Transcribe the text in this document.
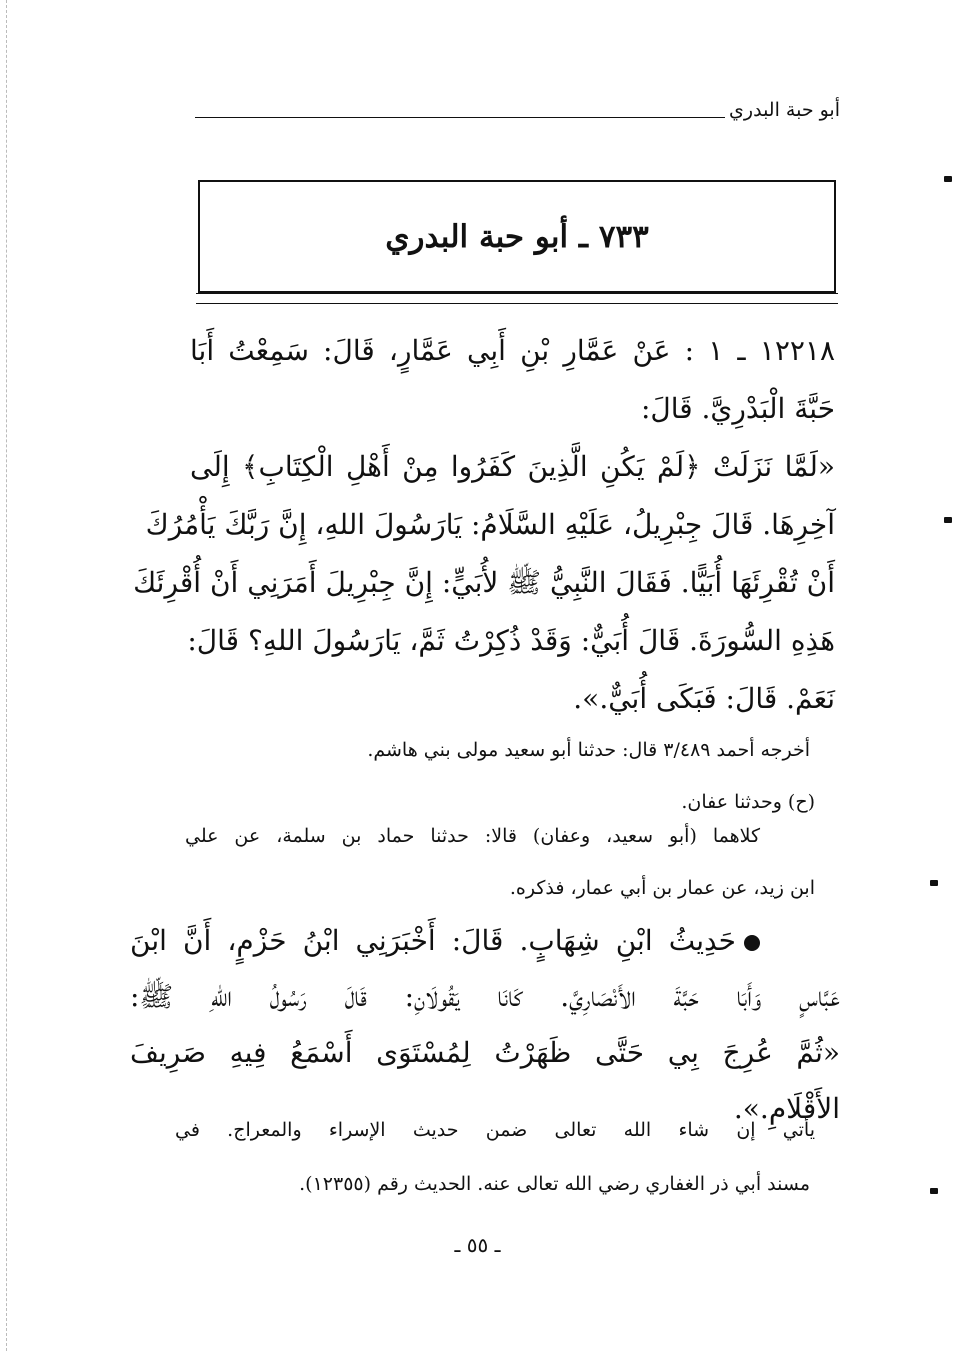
أبو حبة البدري
٧٣٣ ـ أبو حبة البدري
١٢٢١٨ ـ ١ : عَنْ عَمَّارِ بْنِ أَبِي عَمَّارٍ، قَالَ: سَمِعْتُ أَبَا
حَبَّةَ الْبَدْرِيَّ. قَالَ:
«لَمَّا نَزَلَتْ ﴿لَمْ يَكُنِ الَّذِينَ كَفَرُوا مِنْ أَهْلِ الْكِتَابِ﴾ إِلَى
آخِرِهَا. قَالَ جِبْرِيلُ، عَلَيْهِ السَّلَامُ: يَارَسُولَ اللهِ، إِنَّ رَبَّكَ يَأْمُرُكَ
أَنْ تُقْرِئَهَا أُبَيًّا. فَقَالَ النَّبِيُّ ﷺ لأُبَيٍّ: إِنَّ جِبْرِيلَ أَمَرَنِي أَنْ أُقْرِئَكَ
هَذِهِ السُّورَةَ. قَالَ أُبَيٌّ: وَقَدْ ذُكِرْتُ ثَمَّ، يَارَسُولَ اللهِ؟ قَالَ:
نَعَمْ. قَالَ: فَبَكَى أُبَيٌّ.».
أخرجه أحمد ٣/٤٨٩ قال: حدثنا أبو سعيد مولى بني هاشم.
(ح) وحدثنا عفان.
كلاهما (أبو سعيد، وعفان) قالا: حدثنا حماد بن سلمة، عن علي
ابن زيد، عن عمار بن أبي عمار، فذكره.
حَدِيثُ ابْنِ شِهَابٍ. قَالَ: أَخْبَرَنِي ابْنُ حَزْمٍ، أَنَّ ابْنَ
عَبَّاسٍ وَأَبَا حَبَّةَ الأَنْصَارِيَّ. كَانَا يَقُولَانِ: قَالَ رَسُولُ اللهِ ﷺ:
«ثُمَّ عُرِجَ بِي حَتَّى ظَهَرْتُ لِمُسْتَوَى أَسْمَعُ فِيهِ صَرِيفَ
الأَقْلَامِ.».
يأتي إن شاء الله تعالى ضمن حديث الإسراء والمعراج. في
مسند أبي ذر الغفاري رضي الله تعالى عنه. الحديث رقم (١٢٣٥٥).
ـ ٥٥ ـ
